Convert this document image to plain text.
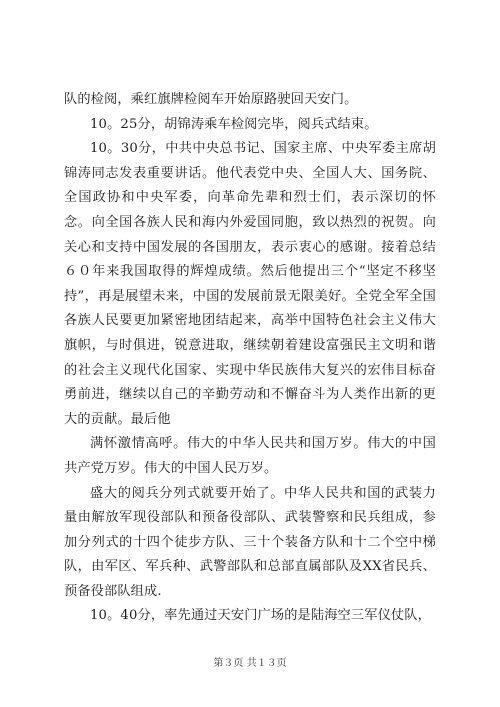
队的检阅，乘红旗牌检阅车开始原路驶回天安门。

10。25分，胡锦涛乘车检阅完毕，阅兵式结束。

10。30分，中共中央总书记、国家主席、中央军委主席胡锦涛同志发表重要讲话。他代表党中央、全国人大、国务院、全国政协和中央军委，向革命先辈和烈士们，表示深切的怀念。向全国各族人民和海内外爱国同胞，致以热烈的祝贺。向关心和支持中国发展的各国朋友，表示衷心的感谢。接着总结６０年来我国取得的辉煌成绩。然后他提出三个“坚定不移坚持”，再是展望未来，中国的发展前景无限美好。全党全军全国各族人民要更加紧密地团结起来，高举中国特色社会主义伟大旗帜，与时俱进，锐意进取，继续朝着建设富强民主文明和谐的社会主义现代化国家、实现中华民族伟大复兴的宏伟目标奋勇前进，继续以自己的辛勤劳动和不懈奋斗为人类作出新的更大的贡献。最后他

满怀激情高呼。伟大的中华人民共和国万岁。伟大的中国共产党万岁。伟大的中国人民万岁。

盛大的阅兵分列式就要开始了。中华人民共和国的武装力量由解放军现役部队和预备役部队、武装警察和民兵组成，参加分列式的十四个徒步方队、三十个装备方队和十二个空中梯队，由军区、军兵种、武警部队和总部直属部队及XX省民兵、预备役部队组成.

10。40分，率先通过天安门广场的是陆海空三军仪仗队，

第３页 共１３页
